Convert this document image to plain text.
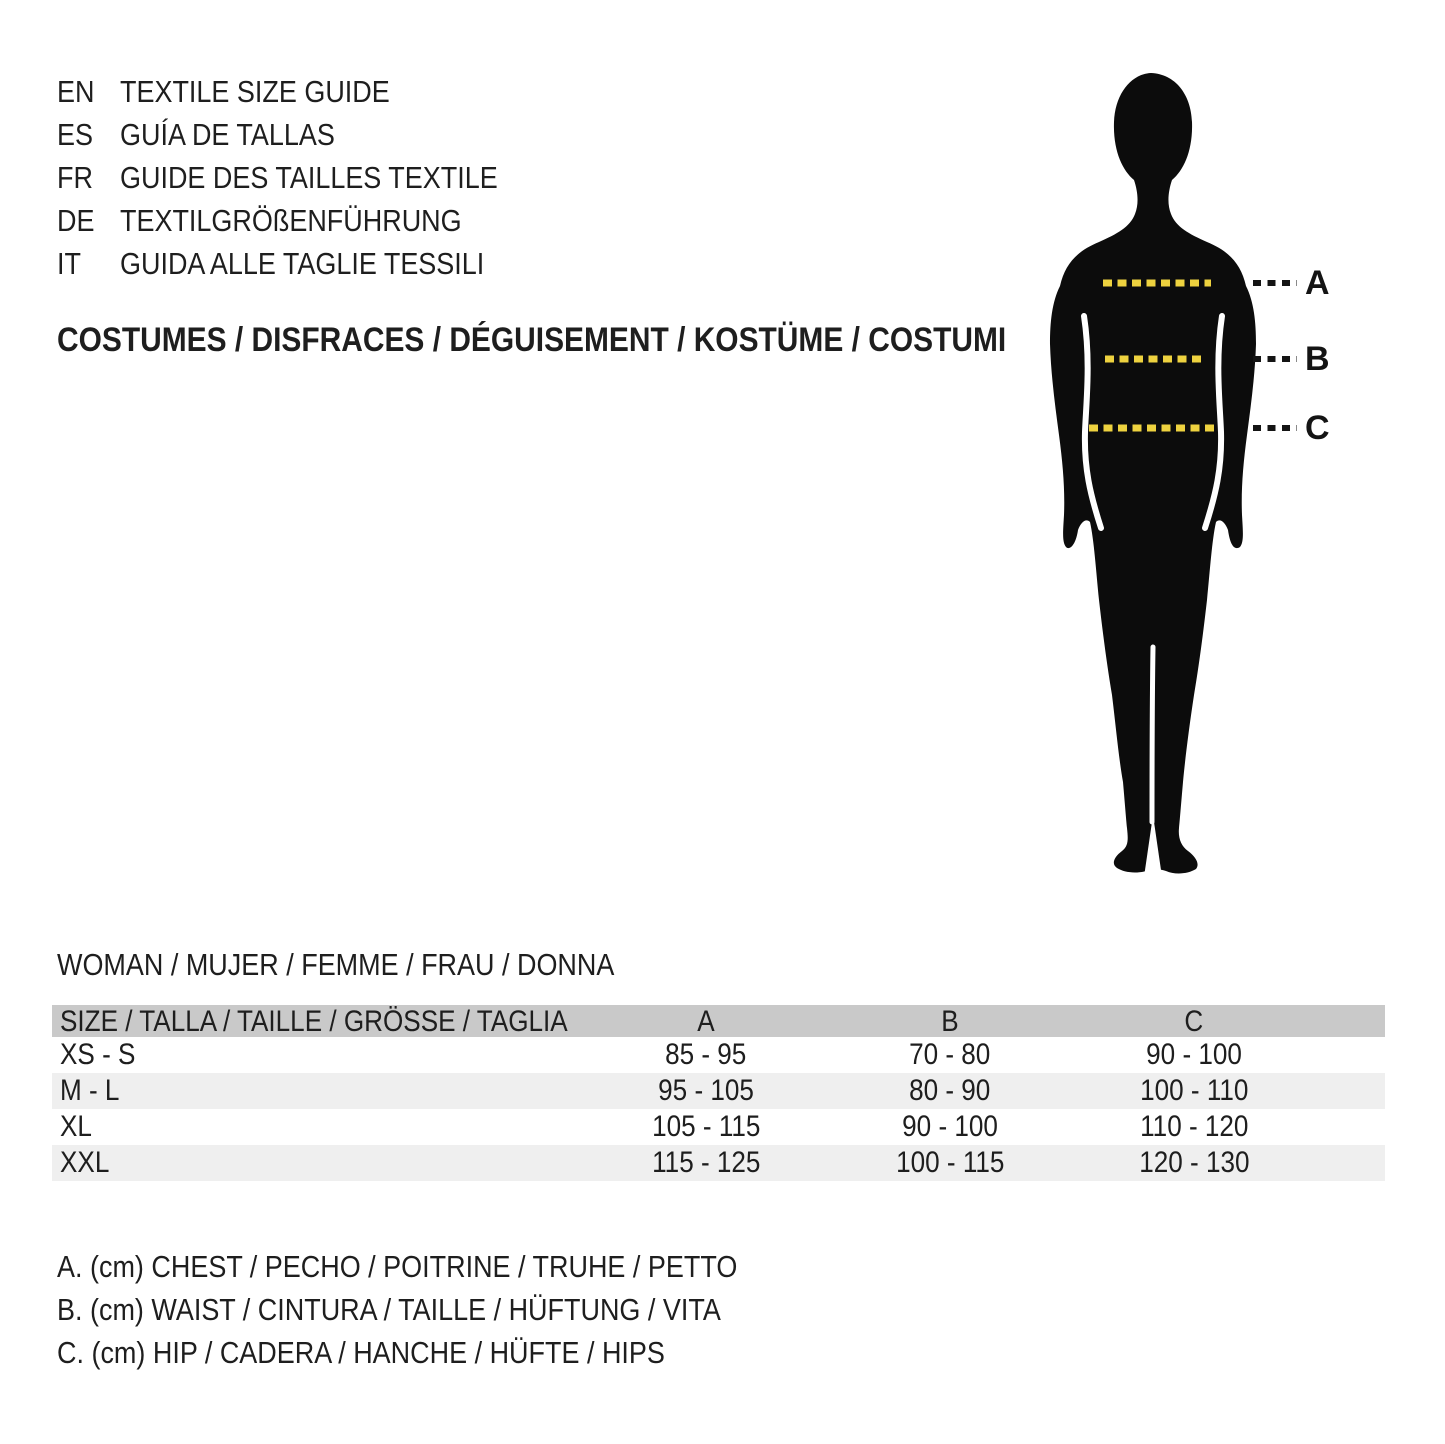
EN TEXTILE SIZE GUIDE
ES GUÍA DE TALLAS
FR GUIDE DES TAILLES TEXTILE
DE TEXTILGRÖßENFÜHRUNG
IT	GUIDA ALLE TAGLIE TESSILI
COSTUMES / DISFRACES / DÉGUISEMENT / KOSTÜME / COSTUMI
A
B
C
WOMAN / MUJER / FEMME / FRAU / DONNA
SIZE / TALLA / TAILLE / GRÖSSE / TAGLIA	A	B	C
XS - S	85 - 95	70 - 80	90 - 100
M - L	95 - 105	80 - 90	100 - 110
XL	105 - 115	90 - 100	110 - 120
XXL	115 - 125	100 - 115	120 - 130
A. (cm) CHEST / PECHO / POITRINE / TRUHE / PETTO
B. (cm) WAIST / CINTURA / TAILLE / HÜFTUNG / VITA
C. (cm) HIP / CADERA / HANCHE / HÜFTE / HIPS
